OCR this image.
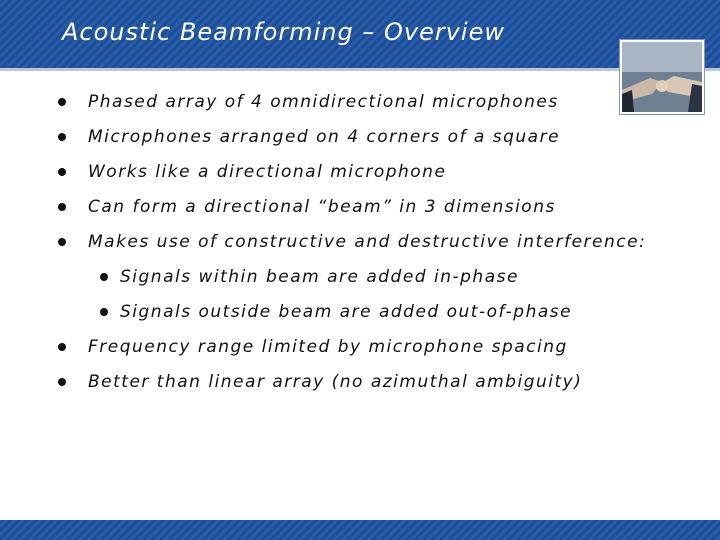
Acoustic Beamforming – Overview
Phased array of 4 omnidirectional microphones
Microphones arranged on 4 corners of a square
Works like a directional microphone
Can form a directional “beam” in 3 dimensions
Makes use of constructive and destructive interference:
Signals within beam are added in-phase
Signals outside beam are added out-of-phase
Frequency range limited by microphone spacing
Better than linear array (no azimuthal ambiguity)
